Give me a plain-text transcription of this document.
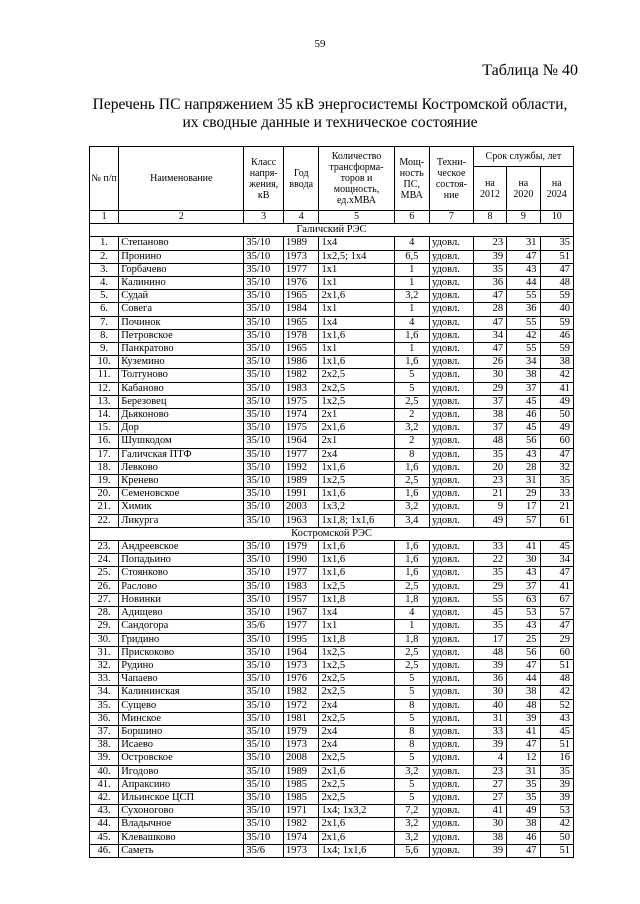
59
Таблица № 40
Перечень ПС напряжением 35 кВ энергосистемы Костромской области,
их сводные данные и техническое состояние
№ п/п	Наименование	Класс напря-жения, кВ	Год ввода	Количество трансформа-торов и мощность, ед.хМВА	Мощ-ность ПС, МВА	Техни-ческое состоя-ние	Срок службы, лет		
							на 2012	на 2020	на 2024
1	2	3	4	5	6	7	8	9	10
Галичский РЭС									
1.	Степаново	35/10	1989	1х4	4	удовл.	23	31	35
2.	Пронино	35/10	1973	1х2,5; 1х4	6,5	удовл.	39	47	51
3.	Горбачево	35/10	1977	1х1	1	удовл.	35	43	47
4.	Калинино	35/10	1976	1х1	1	удовл.	36	44	48
5.	Судай	35/10	1965	2х1,6	3,2	удовл.	47	55	59
6.	Совега	35/10	1984	1х1	1	удовл.	28	36	40
7.	Починок	35/10	1965	1х4	4	удовл.	47	55	59
8.	Петровское	35/10	1978	1х1,6	1,6	удовл.	34	42	46
9.	Панкратово	35/10	1965	1х1	1	удовл.	47	55	59
10.	Куземино	35/10	1986	1х1,6	1,6	удовл.	26	34	38
11.	Толтуново	35/10	1982	2х2,5	5	удовл.	30	38	42
12.	Кабаново	35/10	1983	2х2,5	5	удовл.	29	37	41
13.	Березовец	35/10	1975	1х2,5	2,5	удовл.	37	45	49
14.	Дьяконово	35/10	1974	2х1	2	удовл.	38	46	50
15.	Дор	35/10	1975	2х1,6	3,2	удовл.	37	45	49
16.	Шушкодом	35/10	1964	2х1	2	удовл.	48	56	60
17.	Галичская ПТФ	35/10	1977	2х4	8	удовл.	35	43	47
18.	Левково	35/10	1992	1х1,6	1,6	удовл.	20	28	32
19.	Кренево	35/10	1989	1х2,5	2,5	удовл.	23	31	35
20.	Семеновское	35/10	1991	1х1,6	1,6	удовл.	21	29	33
21.	Химик	35/10	2003	1х3,2	3,2	удовл.	9	17	21
22.	Ликурга	35/10	1963	1х1,8; 1х1,6	3,4	удовл.	49	57	61
Костромской РЭС									
23.	Андреевское	35/10	1979	1х1,6	1,6	удовл.	33	41	45
24.	Попадьино	35/10	1990	1х1,6	1,6	удовл.	22	30	34
25.	Стоянково	35/10	1977	1х1,6	1,6	удовл.	35	43	47
26.	Раслово	35/10	1983	1х2,5	2,5	удовл.	29	37	41
27.	Новинки	35/10	1957	1х1,8	1,8	удовл.	55	63	67
28.	Адищево	35/10	1967	1х4	4	удовл.	45	53	57
29.	Сандогора	35/6	1977	1х1	1	удовл.	35	43	47
30.	Гридино	35/10	1995	1х1,8	1,8	удовл.	17	25	29
31.	Прискоково	35/10	1964	1х2,5	2,5	удовл.	48	56	60
32.	Рудино	35/10	1973	1х2,5	2,5	удовл.	39	47	51
33.	Чапаево	35/10	1976	2х2,5	5	удовл.	36	44	48
34.	Калининская	35/10	1982	2х2,5	5	удовл.	30	38	42
35.	Сущево	35/10	1972	2х4	8	удовл.	40	48	52
36.	Минское	35/10	1981	2х2,5	5	удовл.	31	39	43
37.	Боршино	35/10	1979	2х4	8	удовл.	33	41	45
38.	Исаево	35/10	1973	2х4	8	удовл.	39	47	51
39.	Островское	35/10	2008	2х2,5	5	удовл.	4	12	16
40.	Игодово	35/10	1989	2х1,6	3,2	удовл.	23	31	35
41.	Апраксино	35/10	1985	2х2,5	5	удовл.	27	35	39
42.	Ильинское ЦСП	35/10	1985	2х2,5	5	удовл.	27	35	39
43.	Сухоногово	35/10	1971	1х4; 1х3,2	7,2	удовл.	41	49	53
44.	Владычное	35/10	1982	2х1,6	3,2	удовл.	30	38	42
45.	Клевашково	35/10	1974	2х1,6	3,2	удовл.	38	46	50
46.	Саметь	35/6	1973	1х4; 1х1,6	5,6	удовл.	39	47	51
